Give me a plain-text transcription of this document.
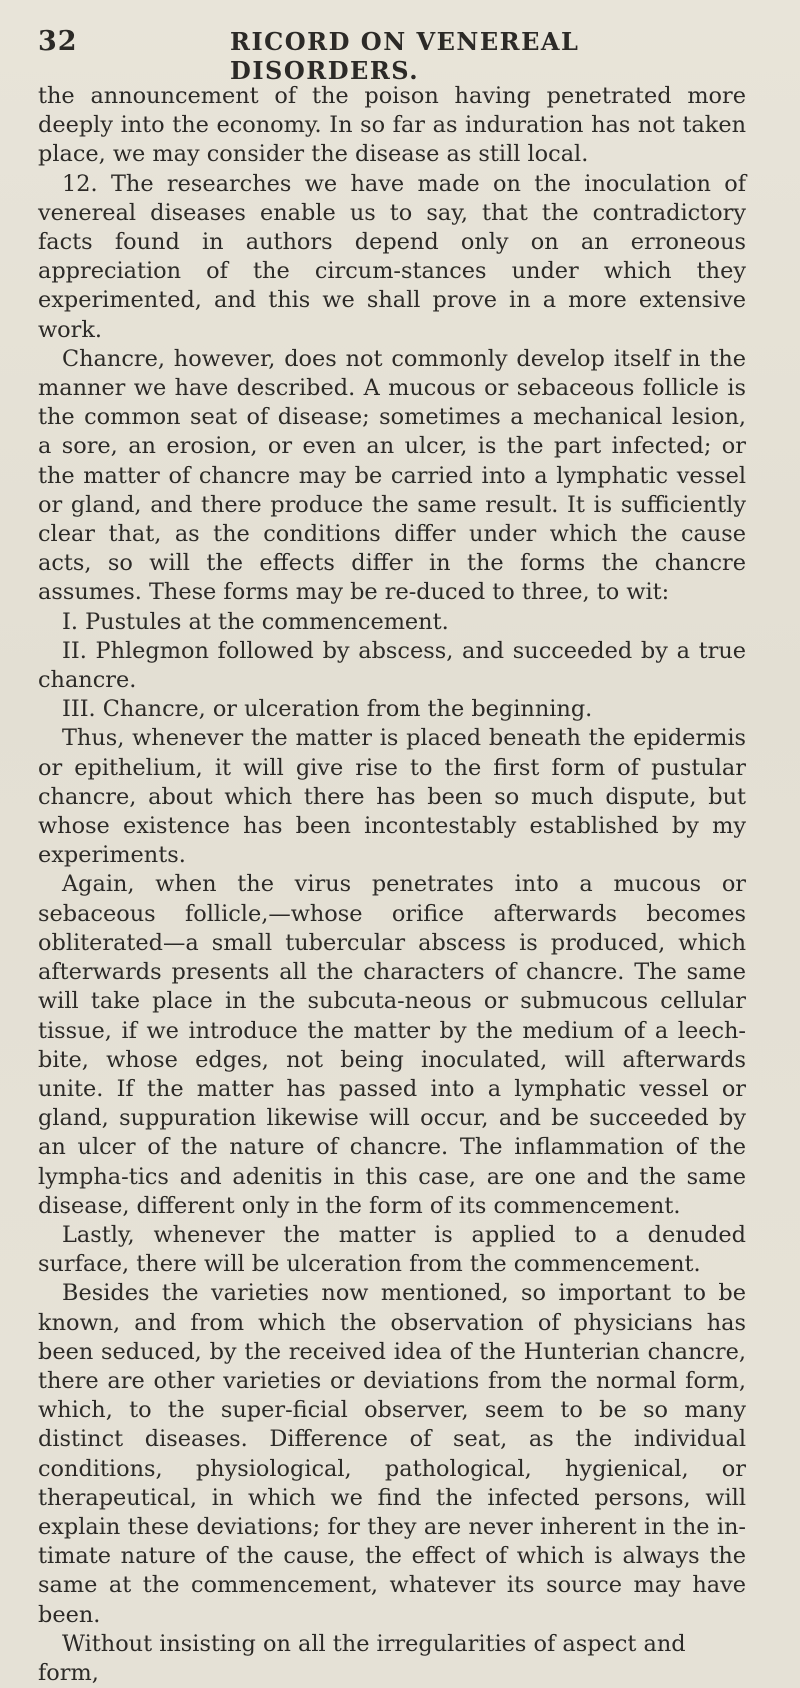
32	RICORD ON VENEREAL DISORDERS.

the announcement of the poison having penetrated more deeply into the economy. In so far as induration has not taken place, we may consider the disease as still local.

12. The researches we have made on the inoculation of venereal diseases enable us to say, that the contradictory facts found in authors depend only on an erroneous appreciation of the circum-stances under which they experimented, and this we shall prove in a more extensive work.

Chancre, however, does not commonly develop itself in the manner we have described. A mucous or sebaceous follicle is the common seat of disease; sometimes a mechanical lesion, a sore, an erosion, or even an ulcer, is the part infected; or the matter of chancre may be carried into a lymphatic vessel or gland, and there produce the same result. It is sufficiently clear that, as the conditions differ under which the cause acts, so will the effects differ in the forms the chancre assumes. These forms may be re-duced to three, to wit:

I. Pustules at the commencement.

II. Phlegmon followed by abscess, and succeeded by a true chancre.

III. Chancre, or ulceration from the beginning.

Thus, whenever the matter is placed beneath the epidermis or epithelium, it will give rise to the first form of pustular chancre, about which there has been so much dispute, but whose existence has been incontestably established by my experiments.

Again, when the virus penetrates into a mucous or sebaceous follicle,—whose orifice afterwards becomes obliterated—a small tubercular abscess is produced, which afterwards presents all the characters of chancre. The same will take place in the subcuta-neous or submucous cellular tissue, if we introduce the matter by the medium of a leech-bite, whose edges, not being inoculated, will afterwards unite. If the matter has passed into a lymphatic vessel or gland, suppuration likewise will occur, and be succeeded by an ulcer of the nature of chancre. The inflammation of the lympha-tics and adenitis in this case, are one and the same disease, different only in the form of its commencement.

Lastly, whenever the matter is applied to a denuded surface, there will be ulceration from the commencement.

Besides the varieties now mentioned, so important to be known, and from which the observation of physicians has been seduced, by the received idea of the Hunterian chancre, there are other varieties or deviations from the normal form, which, to the super-ficial observer, seem to be so many distinct diseases. Difference of seat, as the individual conditions, physiological, pathological, hygienical, or therapeutical, in which we find the infected persons, will explain these deviations; for they are never inherent in the in-timate nature of the cause, the effect of which is always the same at the commencement, whatever its source may have been.

Without insisting on all the irregularities of aspect and form,
